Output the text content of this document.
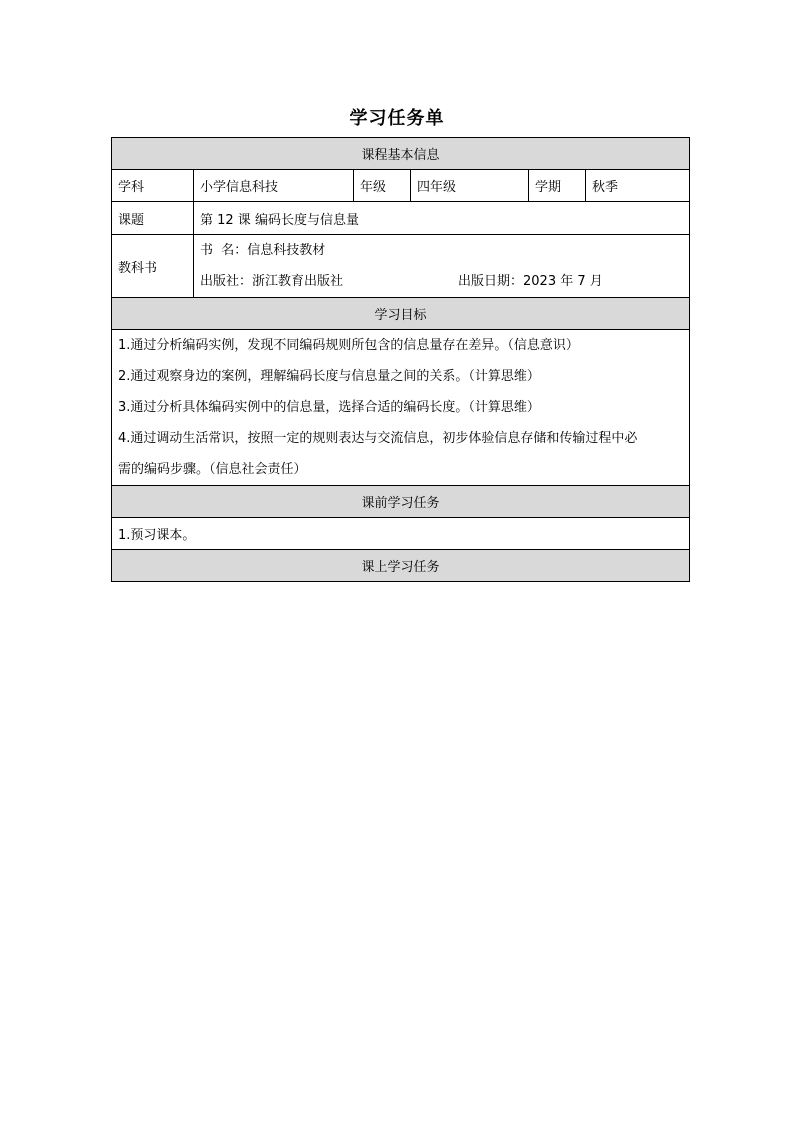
学习任务单
课程基本信息					
学科	小学信息科技	年级	四年级	学期	秋季
课题	第 12 课 编码长度与信息量				
教科书	书  名：信息科技教材
出版社：浙江教育出版社 出版日期：2023 年 7 月				

学习目标					

1.通过分析编码实例，发现不同编码规则所包含的信息量存在差异。（信息意识）
2.通过观察身边的案例，理解编码长度与信息量之间的关系。（计算思维）
3.通过分析具体编码实例中的信息量，选择合适的编码长度。（计算思维）
4.通过调动生活常识，按照一定的规则表达与交流信息，初步体验信息存储和传输过程中必
需的编码步骤。（信息社会责任）					

课前学习任务					
1.预习课本。					
课上学习任务					
